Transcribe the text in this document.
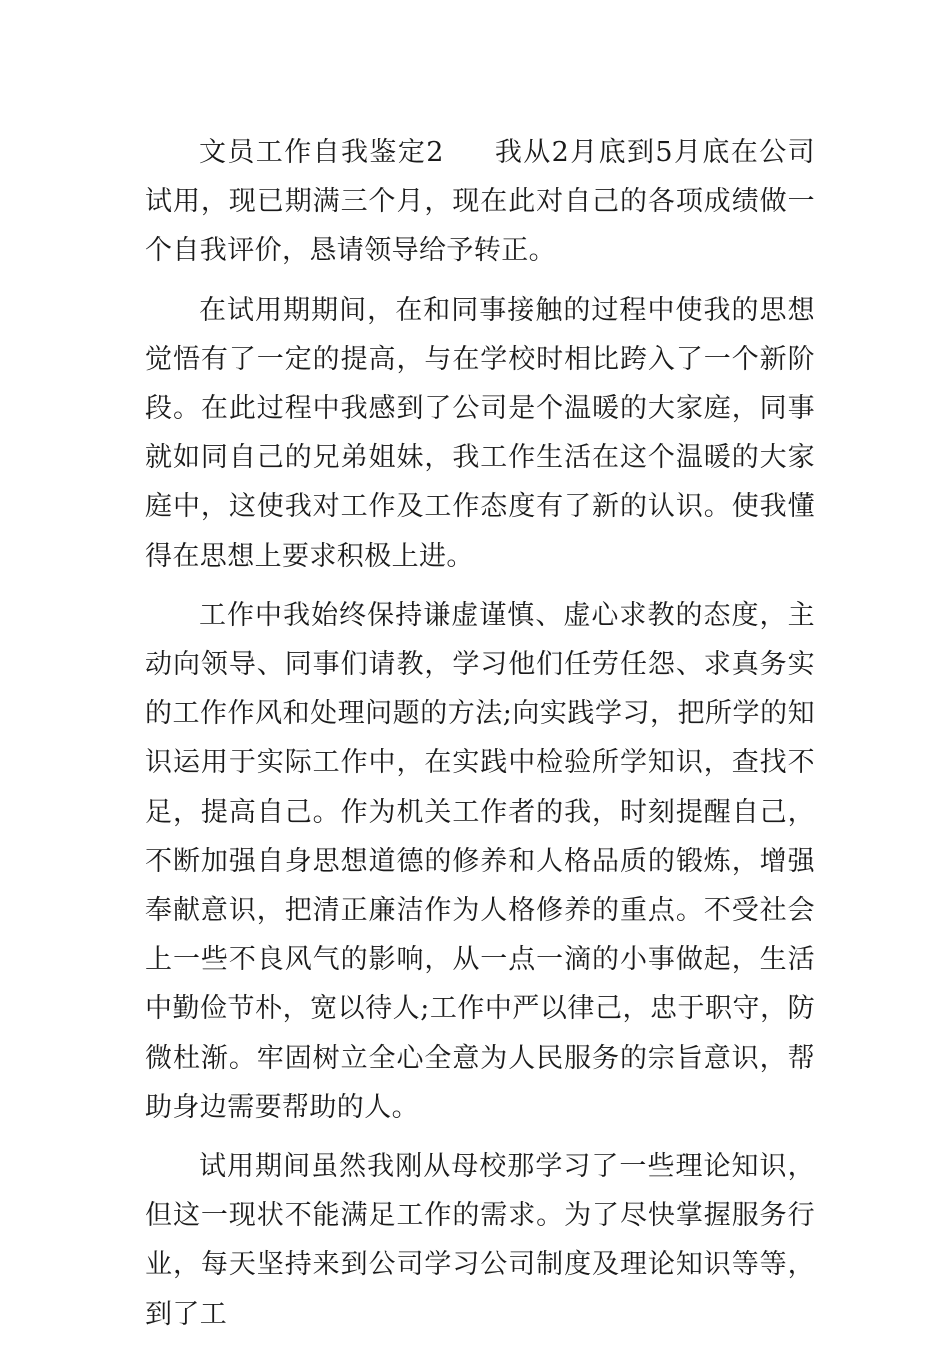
文员工作自我鉴定2 我从2月底到5月底在公司试用，现已期满三个月，现在此对自己的各项成绩做一个自我评价，恳请领导给予转正。

在试用期期间，在和同事接触的过程中使我的思想觉悟有了一定的提高，与在学校时相比跨入了一个新阶段。在此过程中我感到了公司是个温暖的大家庭，同事就如同自己的兄弟姐妹，我工作生活在这个温暖的大家庭中，这使我对工作及工作态度有了新的认识。使我懂得在思想上要求积极上进。

工作中我始终保持谦虚谨慎、虚心求教的态度，主动向领导、同事们请教，学习他们任劳任怨、求真务实的工作作风和处理问题的方法;向实践学习，把所学的知识运用于实际工作中，在实践中检验所学知识，查找不足，提高自己。作为机关工作者的我，时刻提醒自己，不断加强自身思想道德的修养和人格品质的锻炼，增强奉献意识，把清正廉洁作为人格修养的重点。不受社会上一些不良风气的影响，从一点一滴的小事做起，生活中勤俭节朴，宽以待人;工作中严以律己，忠于职守，防微杜渐。牢固树立全心全意为人民服务的宗旨意识，帮助身边需要帮助的人。

试用期间虽然我刚从母校那学习了一些理论知识，但这一现状不能满足工作的需求。为了尽快掌握服务行业，每天坚持来到公司学习公司制度及理论知识等等，到了工
